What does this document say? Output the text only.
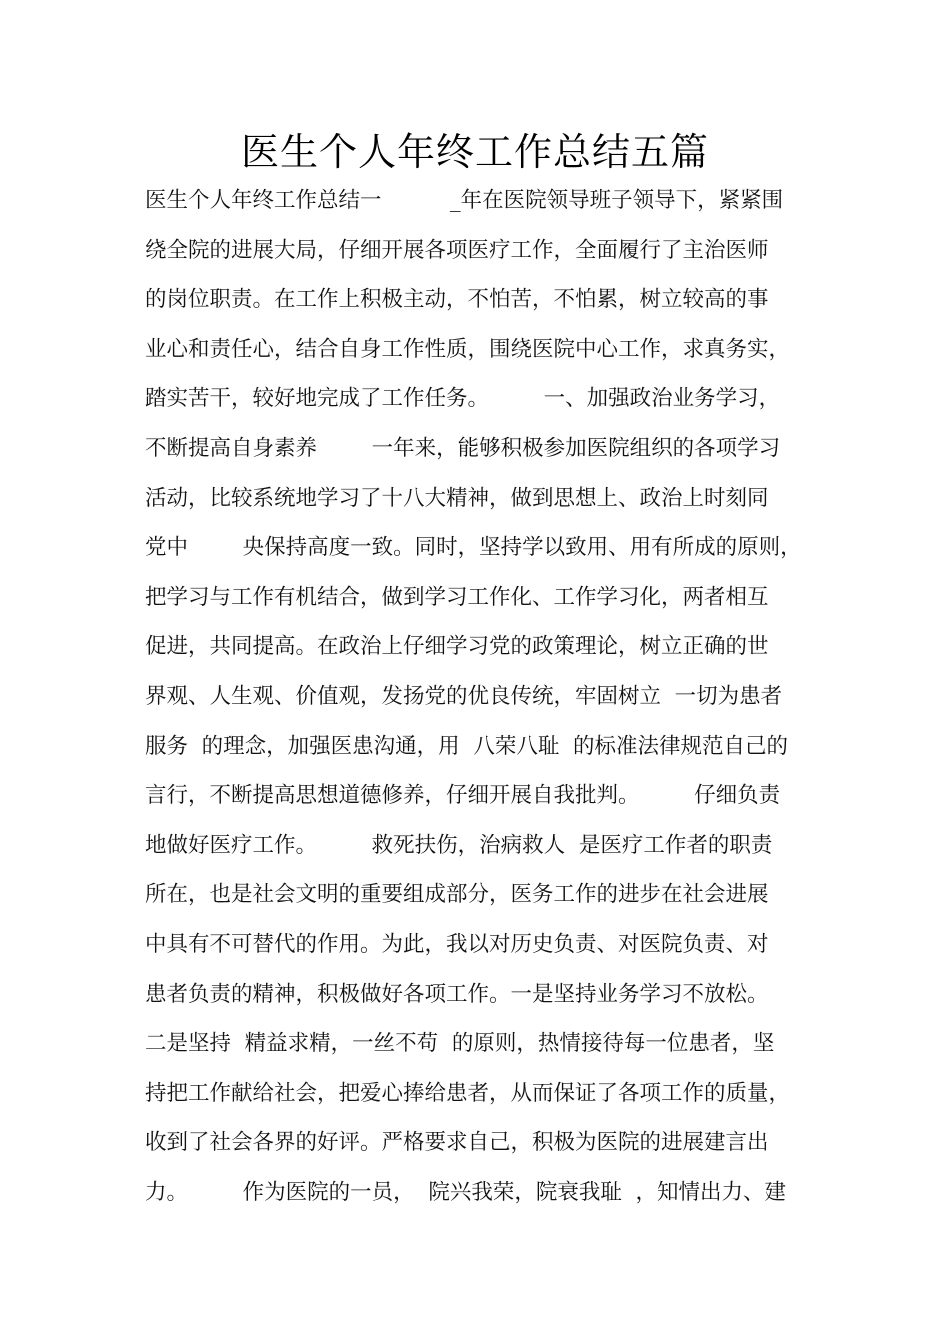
医生个人年终工作总结五篇
医生个人年终工作总结一          _年在医院领导班子领导下，紧紧围
绕全院的进展大局，仔细开展各项医疗工作，全面履行了主治医师
的岗位职责。在工作上积极主动，不怕苦，不怕累，树立较高的事
业心和责任心，结合自身工作性质，围绕医院中心工作，求真务实，
踏实苦干，较好地完成了工作任务。        一、加强政治业务学习，
不断提高自身素养        一年来，能够积极参加医院组织的各项学习
活动，比较系统地学习了十八大精神，做到思想上、政治上时刻同
党中        央保持高度一致。同时，坚持学以致用、用有所成的原则，
把学习与工作有机结合，做到学习工作化、工作学习化，两者相互
促进，共同提高。在政治上仔细学习党的政策理论，树立正确的世
界观、人生观、价值观，发扬党的优良传统，牢固树立  一切为患者
服务  的理念，加强医患沟通，用  八荣八耻  的标准法律规范自己的
言行，不断提高思想道德修养，仔细开展自我批判。        仔细负责
地做好医疗工作。        救死扶伤，治病救人  是医疗工作者的职责
所在，也是社会文明的重要组成部分，医务工作的进步在社会进展
中具有不可替代的作用。为此，我以对历史负责、对医院负责、对
患者负责的精神，积极做好各项工作。一是坚持业务学习不放松。
二是坚持  精益求精，一丝不苟  的原则，热情接待每一位患者，坚
持把工作献给社会，把爱心捧给患者，从而保证了各项工作的质量，
收到了社会各界的好评。严格要求自己，积极为医院的进展建言出
力。        作为医院的一员，  院兴我荣，院衰我耻  ，知情出力、建
